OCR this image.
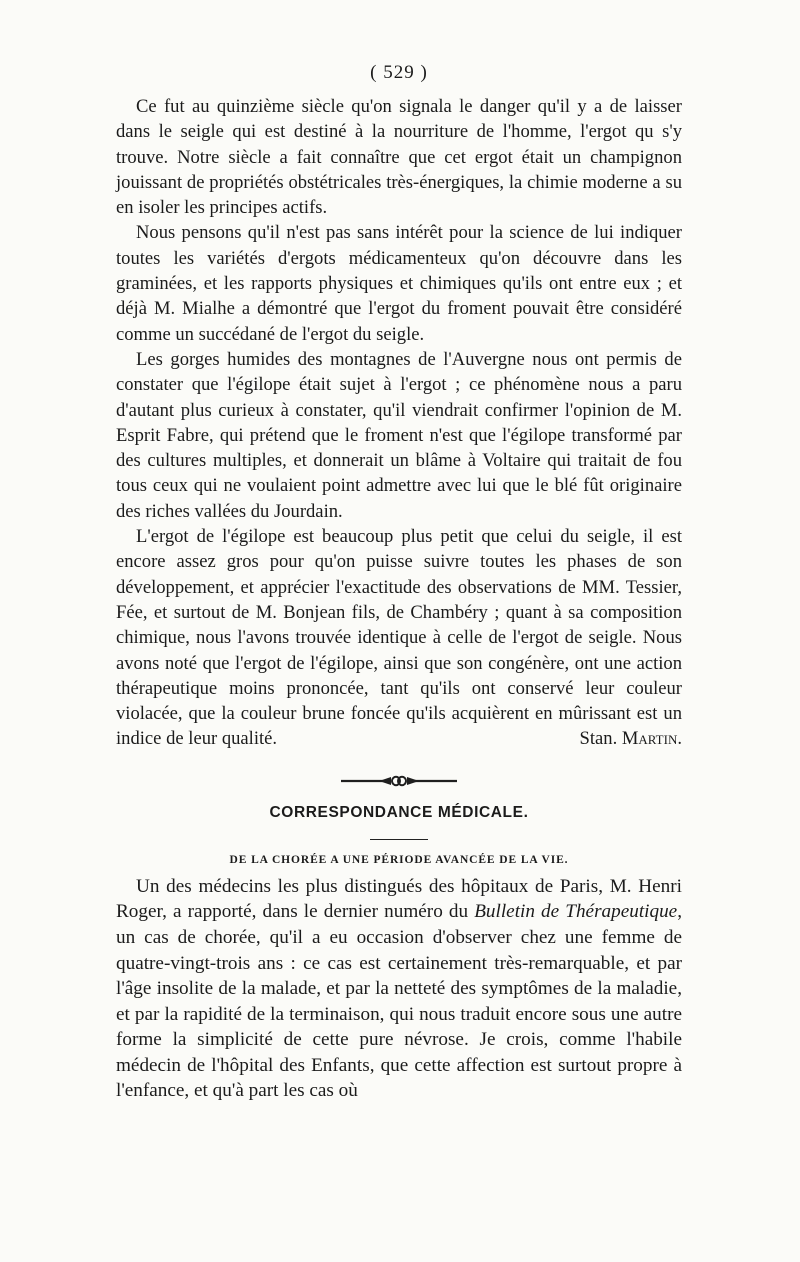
( 529 )

Ce fut au quinzième siècle qu'on signala le danger qu'il y a de laisser dans le seigle qui est destiné à la nourriture de l'homme, l'ergot qu s'y trouve. Notre siècle a fait connaître que cet ergot était un champignon jouissant de propriétés obstétricales très-énergiques, la chimie moderne a su en isoler les principes actifs.

Nous pensons qu'il n'est pas sans intérêt pour la science de lui indiquer toutes les variétés d'ergots médicamenteux qu'on découvre dans les graminées, et les rapports physiques et chimiques qu'ils ont entre eux ; et déjà M. Mialhe a démontré que l'ergot du froment pouvait être considéré comme un succédané de l'ergot du seigle.

Les gorges humides des montagnes de l'Auvergne nous ont permis de constater que l'égilope était sujet à l'ergot ; ce phénomène nous a paru d'autant plus curieux à constater, qu'il viendrait confirmer l'opinion de M. Esprit Fabre, qui prétend que le froment n'est que l'égilope transformé par des cultures multiples, et donnerait un blâme à Voltaire qui traitait de fou tous ceux qui ne voulaient point admettre avec lui que le blé fût originaire des riches vallées du Jourdain.

L'ergot de l'égilope est beaucoup plus petit que celui du seigle, il est encore assez gros pour qu'on puisse suivre toutes les phases de son développement, et apprécier l'exactitude des observations de MM. Tessier, Fée, et surtout de M. Bonjean fils, de Chambéry ; quant à sa composition chimique, nous l'avons trouvée identique à celle de l'ergot de seigle. Nous avons noté que l'ergot de l'égilope, ainsi que son congénère, ont une action thérapeutique moins prononcée, tant qu'ils ont conservé leur couleur violacée, que la couleur brune foncée qu'ils acquièrent en mûrissant est un indice de leur qualité.	Stan. Martin.

CORRESPONDANCE MÉDICALE.
DE LA CHORÉE A UNE PÉRIODE AVANCÉE DE LA VIE.

Un des médecins les plus distingués des hôpitaux de Paris, M. Henri Roger, a rapporté, dans le dernier numéro du Bulletin de Thérapeutique, un cas de chorée, qu'il a eu occasion d'observer chez une femme de quatre-vingt-trois ans : ce cas est certainement très-remarquable, et par l'âge insolite de la malade, et par la netteté des symptômes de la maladie, et par la rapidité de la terminaison, qui nous traduit encore sous une autre forme la simplicité de cette pure névrose. Je crois, comme l'habile médecin de l'hôpital des Enfants, que cette affection est surtout propre à l'enfance, et qu'à part les cas où
